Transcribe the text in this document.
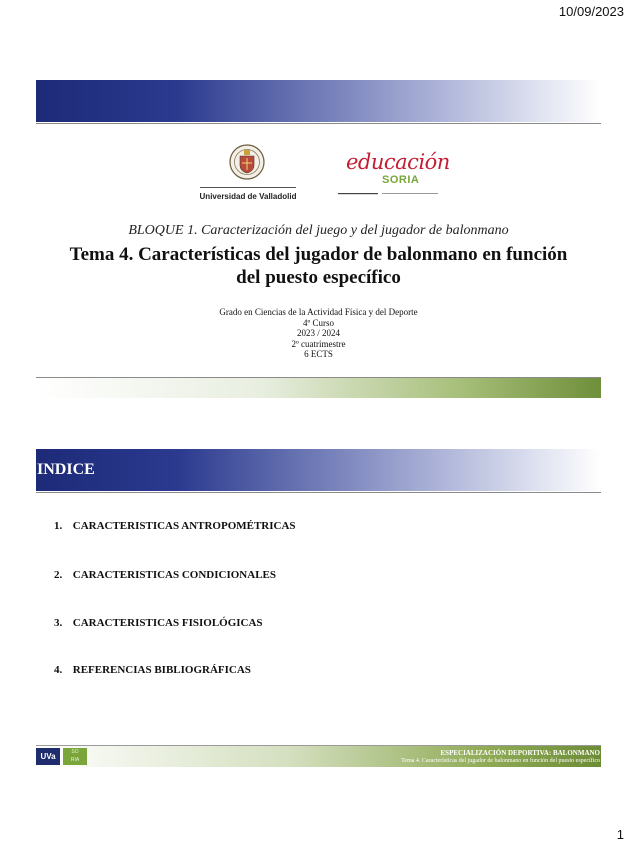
10/09/2023
Universidad de Valladolid
educación
SORIA
BLOQUE 1. Caracterización del juego y del jugador de balonmano
Tema 4. Características del jugador de balonmano en función
del puesto específico
Grado en Ciencias de la Actividad Física y del Deporte
4º Curso
2023 / 2024
2º cuatrimestre
6 ECTS
INDICE
1. CARACTERISTICAS ANTROPOMÉTRICAS
2. CARACTERISTICAS CONDICIONALES
3. CARACTERISTICAS FISIOLÓGICAS
4. REFERENCIAS BIBLIOGRÁFICAS
UVa	SO
RIA
ESPECIALIZACIÓN DEPORTIVA: BALONMANO
Tema 4. Características del jugador de balonmano en función del puesto específico
1
